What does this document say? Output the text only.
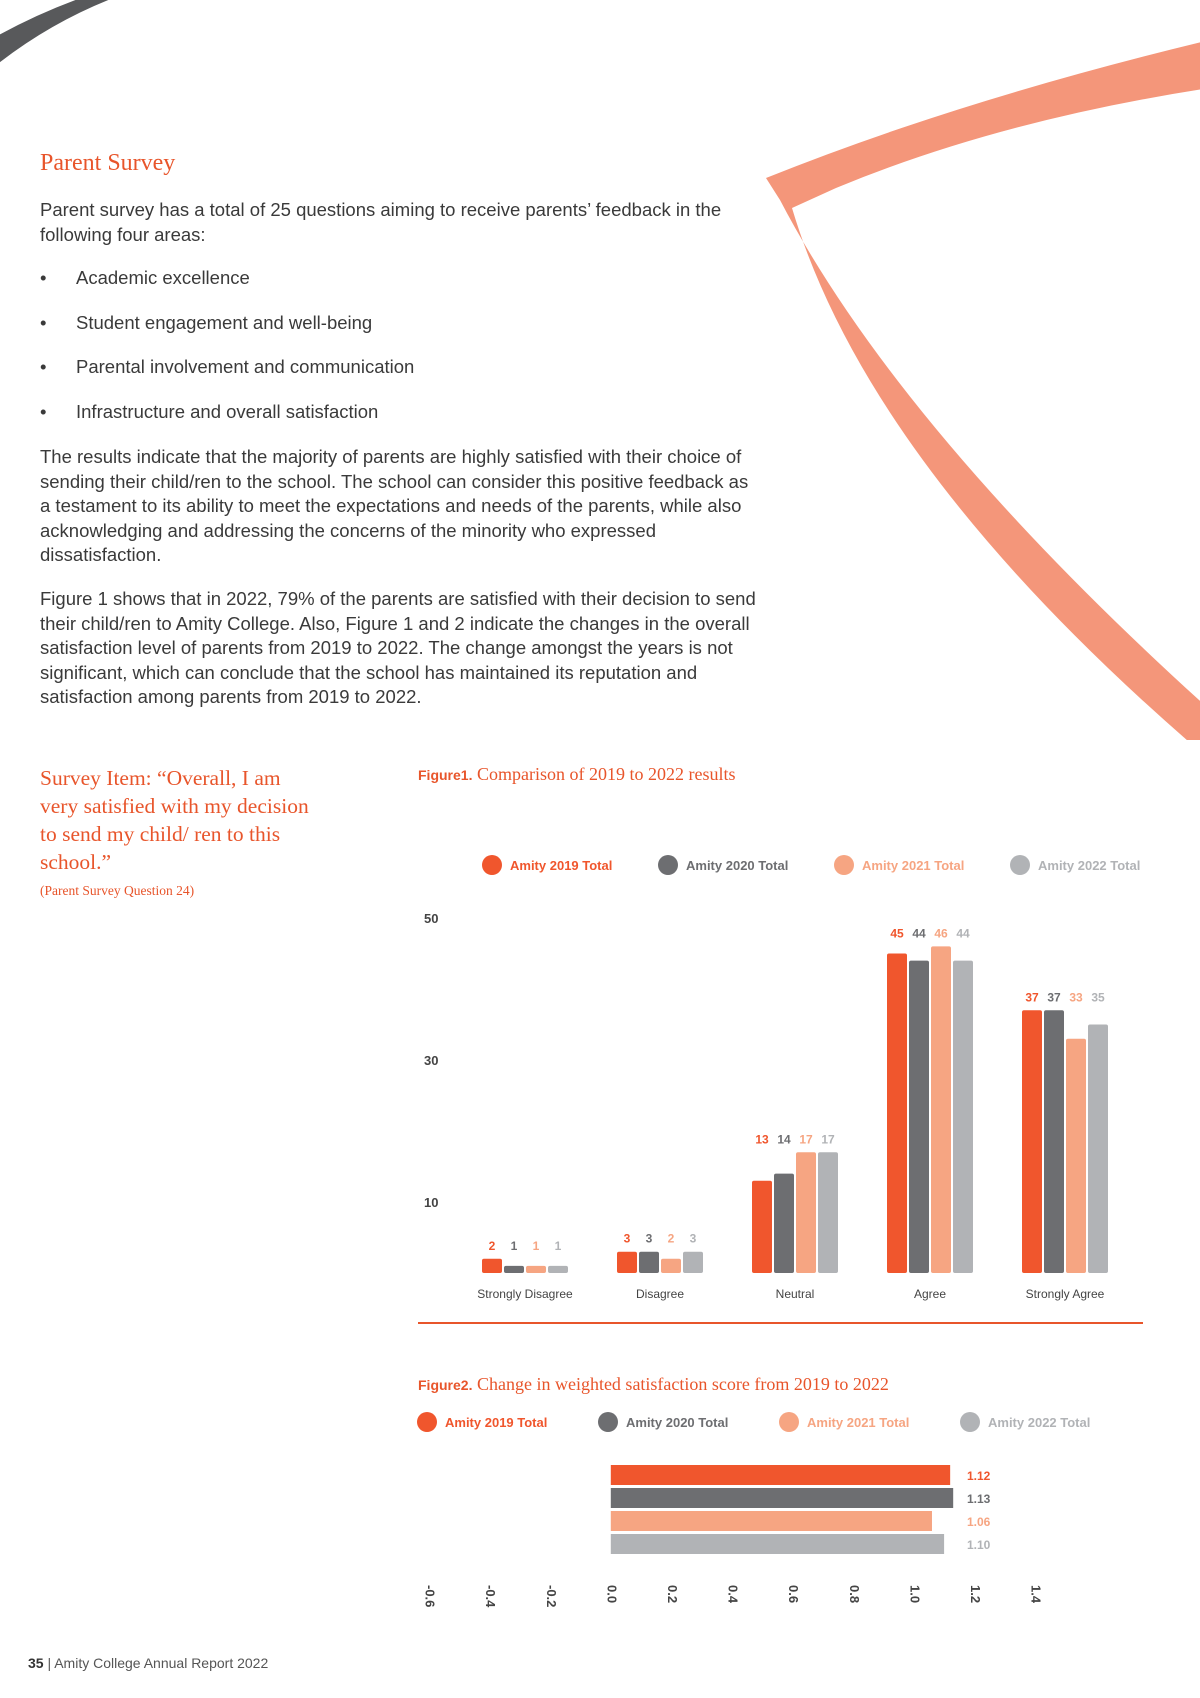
Parent Survey

Parent survey has a total of 25 questions aiming to receive parents’ feedback in the following four areas:

• Academic excellence
• Student engagement and well-being
• Parental involvement and communication
• Infrastructure and overall satisfaction

The results indicate that the majority of parents are highly satisfied with their choice of sending their child/ren to the school. The school can consider this positive feedback as a testament to its ability to meet the expectations and needs of the parents, while also acknowledging and addressing the concerns of the minority who expressed dissatisfaction.

Figure 1 shows that in 2022, 79% of the parents are satisfied with their decision to send their child/ren to Amity College. Also, Figure 1 and 2 indicate the changes in the overall satisfaction level of parents from 2019 to 2022. The change amongst the years is not significant, which can conclude that the school has maintained its reputation and satisfaction among parents from 2019 to 2022.

Survey Item: “Overall, I am very satisfied with my decision to send my child/ ren to this school.”
(Parent Survey Question 24)
Figure1. Comparison of 2019 to 2022 results
Amity 2019 Total	Amity 2020 Total	Amity 2021 Total	Amity 2022 Total
10
30
50
2 1 1 1
Strongly Disagree
3 3 2 3
Disagree
13 14 17 17
Neutral
45 44 46 44
Agree
37 37 33 35
Strongly Agree
Amity 2019 Total	Amity 2020 Total	Amity 2021 Total	Amity 2022 Total
1.12
1.13
1.06
1.10
-0.6	-0.4	-0.2	0.0	0.2	0.4	0.6	0.8	1.0	1.2	1.4
Figure2. Change in weighted satisfaction score from 2019 to 2022
35 | Amity College Annual Report 2022
